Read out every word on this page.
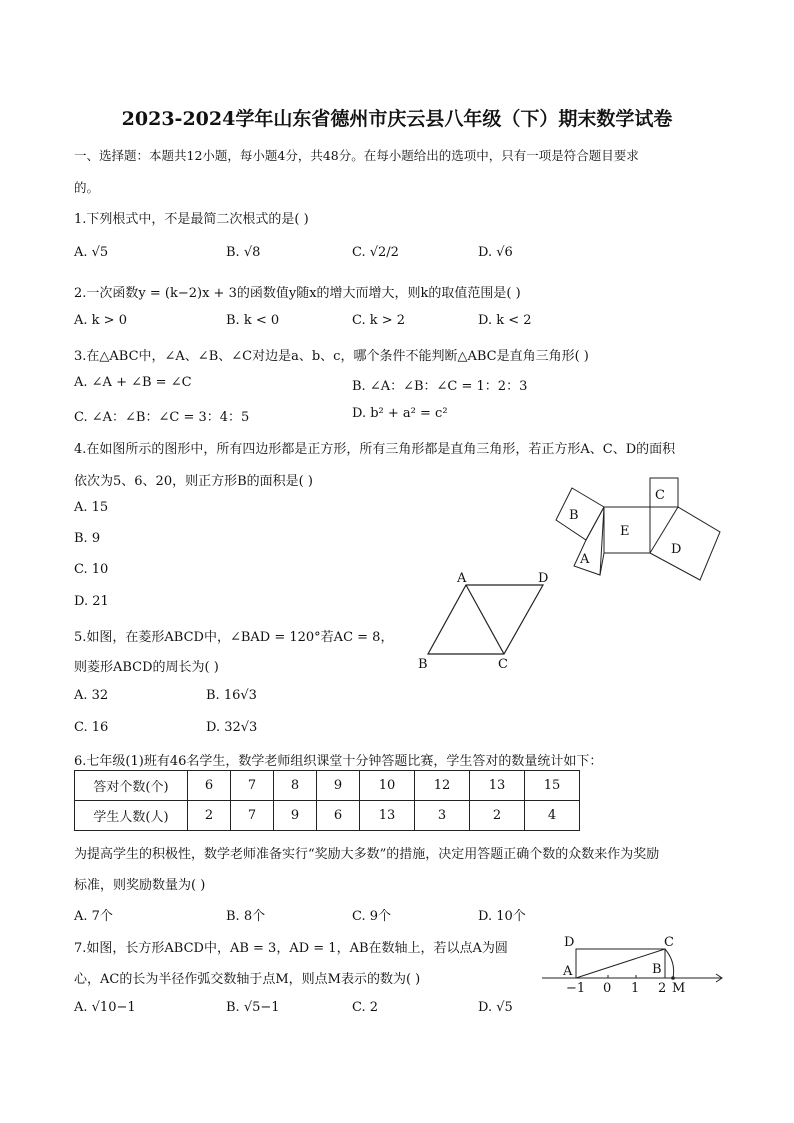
2023-2024学年山东省德州市庆云县八年级（下）期末数学试卷
一、选择题：本题共12小题，每小题4分，共48分。在每小题给出的选项中，只有一项是符合题目要求
的。
1.下列根式中，不是最简二次根式的是( )
A. √5	B. √8	C. √2/2	D. √6
2.一次函数y = (k−2)x + 3的函数值y随x的增大而增大，则k的取值范围是( )
A. k > 0	B. k < 0	C. k > 2	D. k < 2
3.在△ABC中，∠A、∠B、∠C对边是a、b、c，哪个条件不能判断△ABC是直角三角形( )
A. ∠A + ∠B = ∠C	B. ∠A：∠B：∠C = 1：2：3
C. ∠A：∠B：∠C = 3：4：5	D. b² + a² = c²
4.在如图所示的图形中，所有四边形都是正方形，所有三角形都是直角三角形，若正方形A、C、D的面积
依次为5、6、20，则正方形B的面积是( )
A. 15
B. 9
C. 10
D. 21
B
A
E
C
D
5.如图，在菱形ABCD中，∠BAD = 120°若AC = 8，
则菱形ABCD的周长为( )
A. 32	B. 16√3
C. 16	D. 32√3
A	D
B	C
6.七年级(1)班有46名学生，数学老师组织课堂十分钟答题比赛，学生答对的数量统计如下：
答对个数(个)	6	7	8	9	10	12	13	15
学生人数(人)	2	7	9	6	13	3	2	4
为提高学生的积极性，数学老师准备实行“奖励大多数”的措施，决定用答题正确个数的众数来作为奖励
标准，则奖励数量为( )
A. 7个	B. 8个	C. 9个	D. 10个
7.如图，长方形ABCD中，AB = 3，AD = 1，AB在数轴上，若以点A为圆
心，AC的长为半径作弧交数轴于点M，则点M表示的数为( )
A. √10−1	B. √5−1	C. 2	D. √5
D	C
A	B
−1 0 1 2 M
